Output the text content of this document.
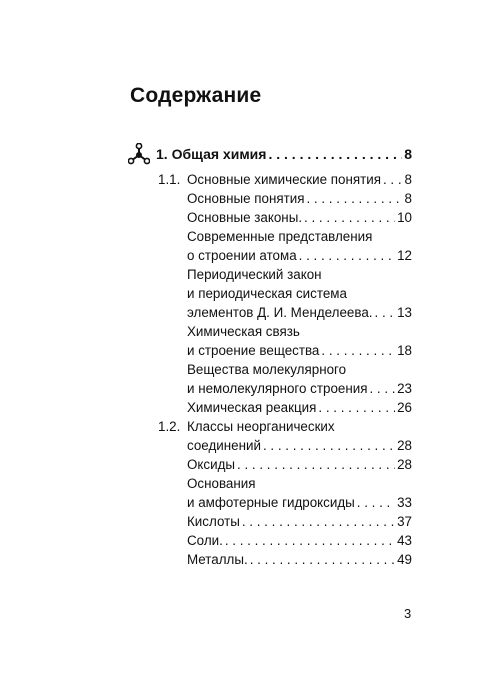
Содержание
1. Общая химия . . .	8
1.1. Основные химические понятия . . . 8
Основные понятия . . .	8
Основные законы. . . .	10
Современные представления
о строении атома . . .	12
Периодический закон
и периодическая система
элементов Д. И. Менделеева. . . . 13
Химическая связь
и строение вещества . . .	18
Вещества молекулярного
и немолекулярного строения . . . 23
Химическая реакция . . .	26
1.2. Классы неорганических
соединений . . .	28
Оксиды . . .	28
Основания
и амфотерные гидроксиды . . .	33
Кислоты . . .	37
Соли. . . .	43
Металлы. . . .	49
3
